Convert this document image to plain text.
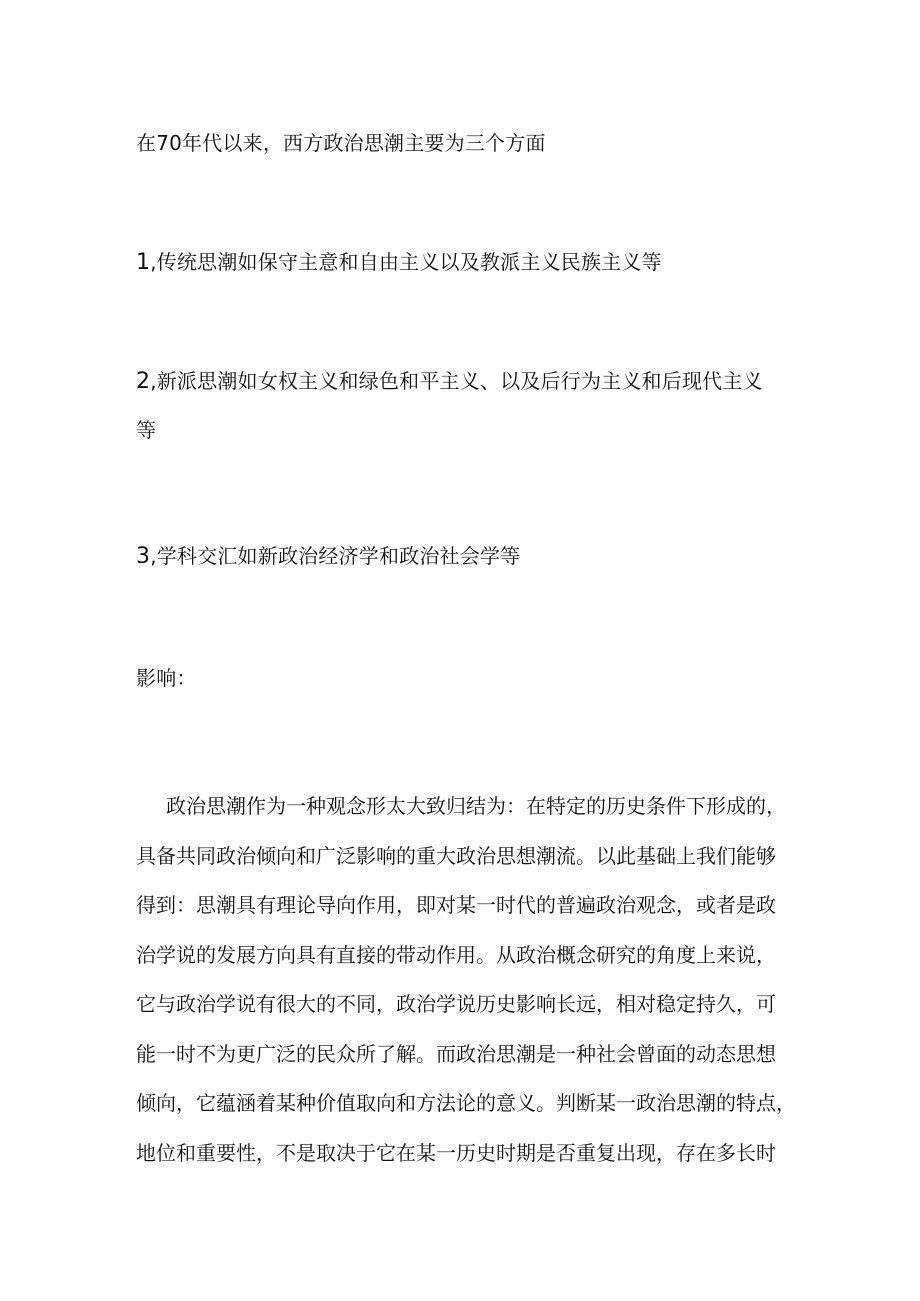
在70年代以来，西方政治思潮主要为三个方面
1,传统思潮如保守主意和自由主义以及教派主义民族主义等
2,新派思潮如女权主义和绿色和平主义、以及后行为主义和后现代主义
等
3,学科交汇如新政治经济学和政治社会学等
影响：
政治思潮作为一种观念形太大致归结为：在特定的历史条件下形成的，
具备共同政治倾向和广泛影响的重大政治思想潮流。以此基础上我们能够
得到：思潮具有理论导向作用，即对某一时代的普遍政治观念，或者是政
治学说的发展方向具有直接的带动作用。从政治概念研究的角度上来说，
它与政治学说有很大的不同，政治学说历史影响长远，相对稳定持久，可
能一时不为更广泛的民众所了解。而政治思潮是一种社会曾面的动态思想
倾向，它蕴涵着某种价值取向和方法论的意义。判断某一政治思潮的特点，
地位和重要性，不是取决于它在某一历史时期是否重复出现，存在多长时
